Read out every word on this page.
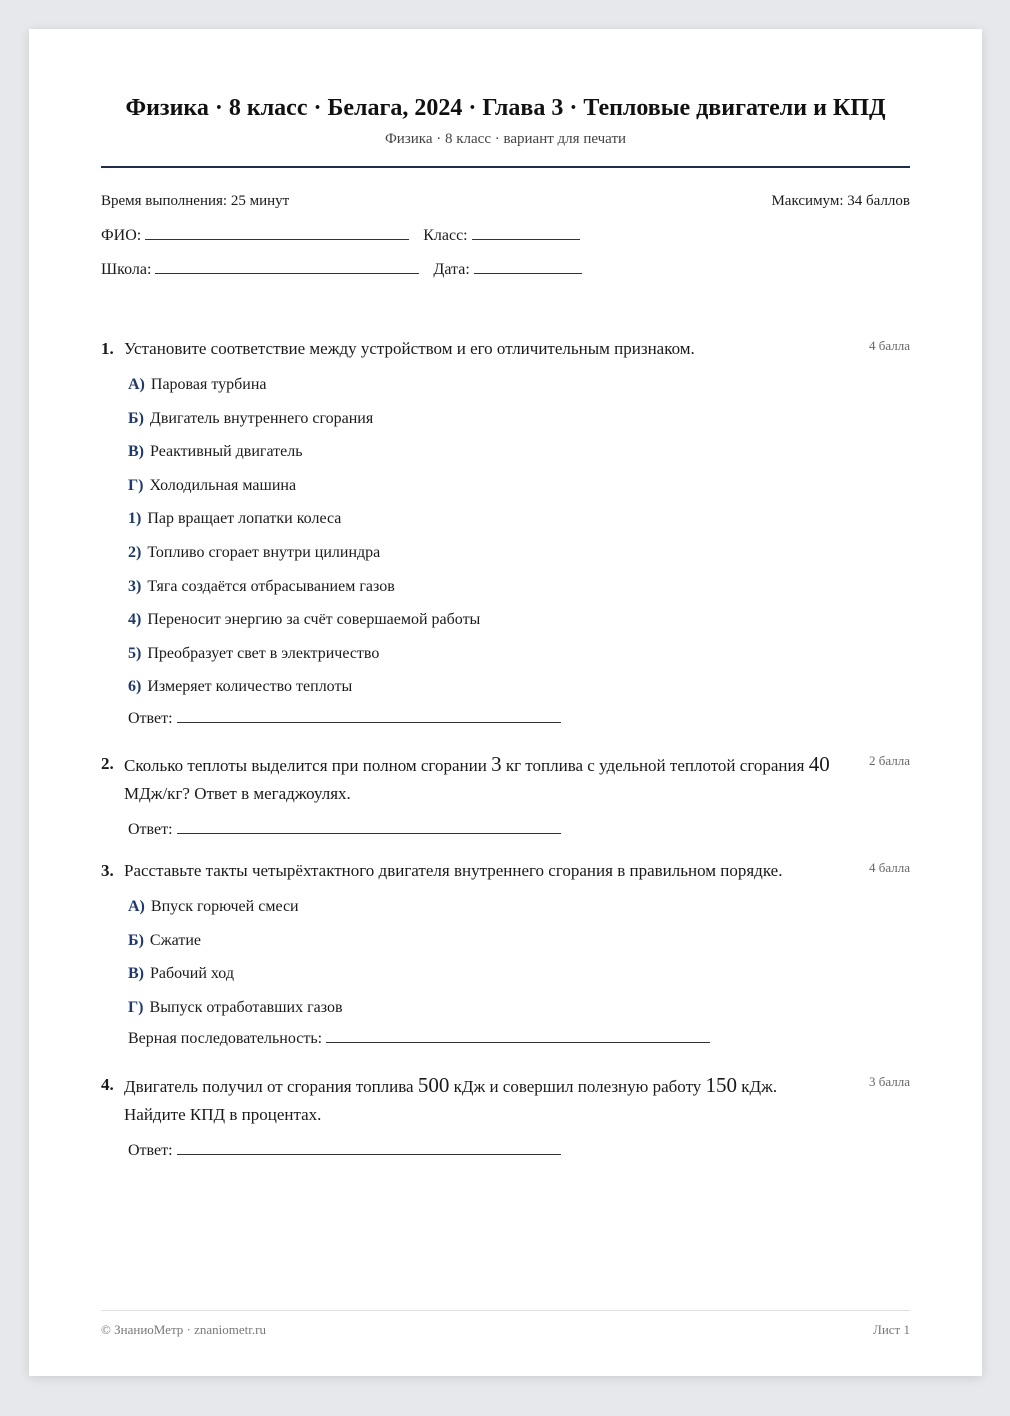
Физика · 8 класс · Белага, 2024 · Глава 3 · Тепловые двигатели и КПД
Физика · 8 класс · вариант для печати
Время выполнения: 25 минут	Максимум: 34 баллов
ФИО:	Класс:
Школа:	Дата:
1. Установите соответствие между устройством и его отличительным признаком.	4 балла
А) Паровая турбина
Б) Двигатель внутреннего сгорания
В) Реактивный двигатель
Г) Холодильная машина
1) Пар вращает лопатки колеса
2) Топливо сгорает внутри цилиндра
3) Тяга создаётся отбрасыванием газов
4) Переносит энергию за счёт совершаемой работы
5) Преобразует свет в электричество
6) Измеряет количество теплоты
Ответ:
2. Сколько теплоты выделится при полном сгорании 3 кг топлива с удельной теплотой сгорания 40 МДж/кг? Ответ в мегаджоулях.
2 балла
Ответ:
3. Расставьте такты четырёхтактного двигателя внутреннего сгорания в правильном порядке.	4 балла
А) Впуск горючей смеси
Б) Сжатие
В) Рабочий ход
Г) Выпуск отработавших газов
Верная последовательность:
4. Двигатель получил от сгорания топлива 500 кДж и совершил полезную работу 150 кДж. Найдите КПД в процентах.
3 балла
Ответ:
© ЗнаниоМетр · znaniometr.ru	Лист 1
